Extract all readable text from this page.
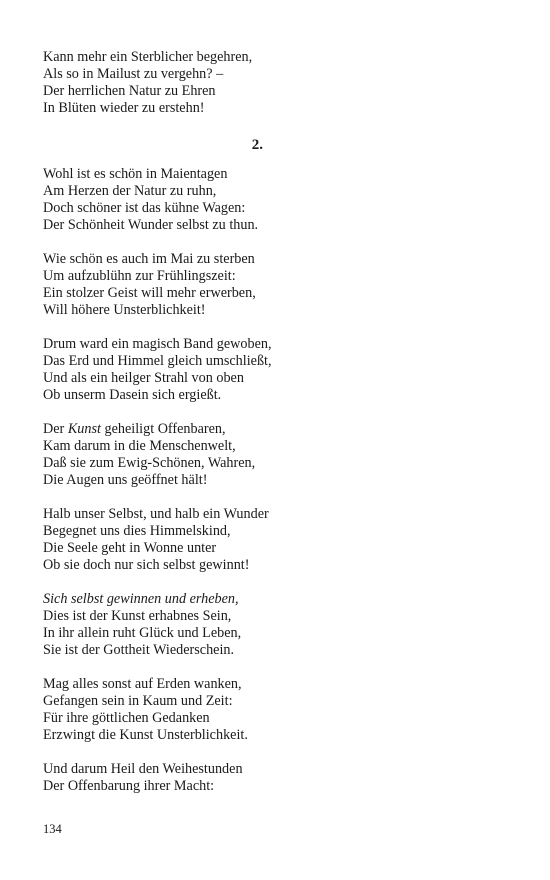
Kann mehr ein Sterblicher begehren,
Als so in Mailust zu vergehn? –
Der herrlichen Natur zu Ehren
In Blüten wieder zu erstehn!
2.
Wohl ist es schön in Maientagen
Am Herzen der Natur zu ruhn,
Doch schöner ist das kühne Wagen:
Der Schönheit Wunder selbst zu thun.
Wie schön es auch im Mai zu sterben
Um aufzublühn zur Frühlingszeit:
Ein stolzer Geist will mehr erwerben,
Will höhere Unsterblichkeit!
Drum ward ein magisch Band gewoben,
Das Erd und Himmel gleich umschließt,
Und als ein heilger Strahl von oben
Ob unserm Dasein sich ergießt.
Der Kunst geheiligt Offenbaren,
Kam darum in die Menschenwelt,
Daß sie zum Ewig-Schönen, Wahren,
Die Augen uns geöffnet hält!
Halb unser Selbst, und halb ein Wunder
Begegnet uns dies Himmelskind,
Die Seele geht in Wonne unter
Ob sie doch nur sich selbst gewinnt!
Sich selbst gewinnen und erheben,
Dies ist der Kunst erhabnes Sein,
In ihr allein ruht Glück und Leben,
Sie ist der Gottheit Wiederschein.
Mag alles sonst auf Erden wanken,
Gefangen sein in Kaum und Zeit:
Für ihre göttlichen Gedanken
Erzwingt die Kunst Unsterblichkeit.
Und darum Heil den Weihestunden
Der Offenbarung ihrer Macht:
134
